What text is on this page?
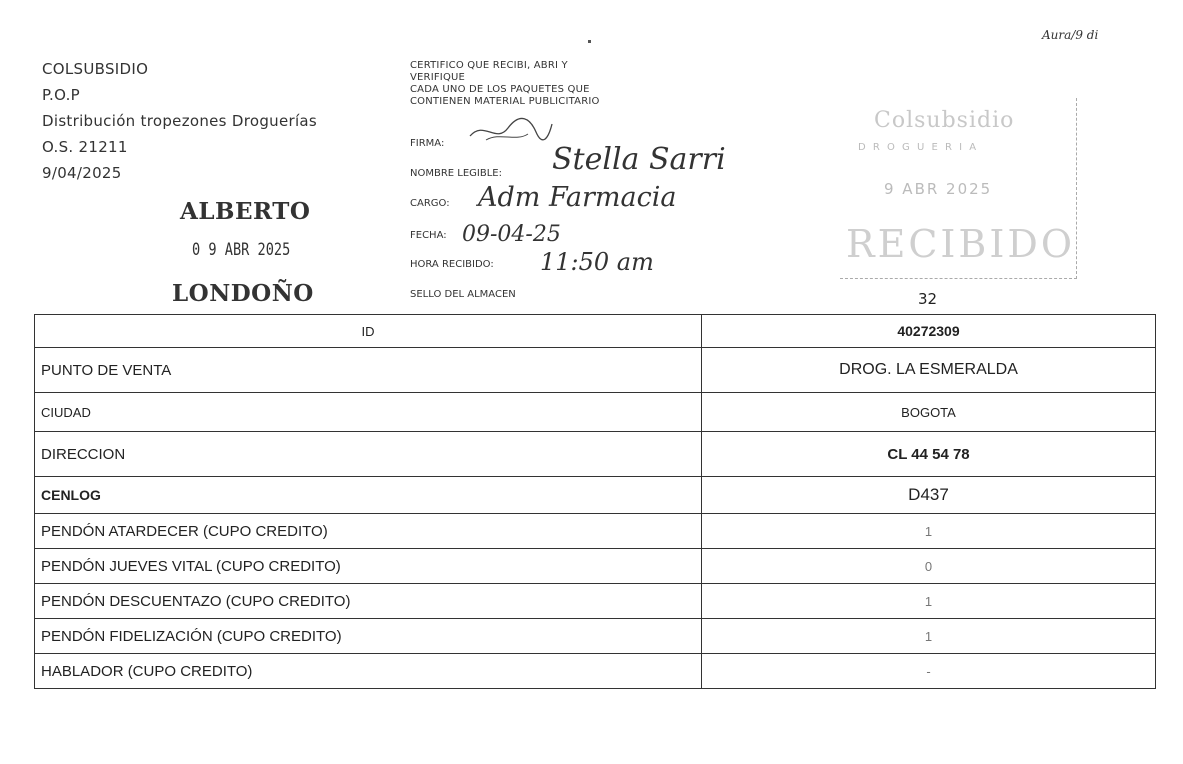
Aura/9 di
COLSUBSIDIO
P.O.P
Distribución tropezones Droguerías
O.S. 21211
9/04/2025
ALBERTO
0 9 ABR 2025
LONDOÑO
CERTIFICO QUE RECIBI, ABRI Y
VERIFIQUE
CADA UNO DE LOS PAQUETES QUE
CONTIENEN MATERIAL PUBLICITARIO
FIRMA:
NOMBRE LEGIBLE: Stella Sarri
CARGO: Adm Farmacia
FECHA: 09-04-25
HORA RECIBIDO: 11:50 am
SELLO DEL ALMACEN
Colsubsidio
D R O G U E R I A
9 ABR 2025
RECIBIDO
32
ID	40272309
PUNTO DE VENTA	DROG. LA ESMERALDA
CIUDAD	BOGOTA
DIRECCION	CL 44 54 78
CENLOG	D437
PENDÓN ATARDECER (CUPO CREDITO)	1
PENDÓN JUEVES VITAL (CUPO CREDITO)	0
PENDÓN DESCUENTAZO (CUPO CREDITO)	1
PENDÓN FIDELIZACIÓN (CUPO CREDITO)	1
HABLADOR (CUPO CREDITO)	-
